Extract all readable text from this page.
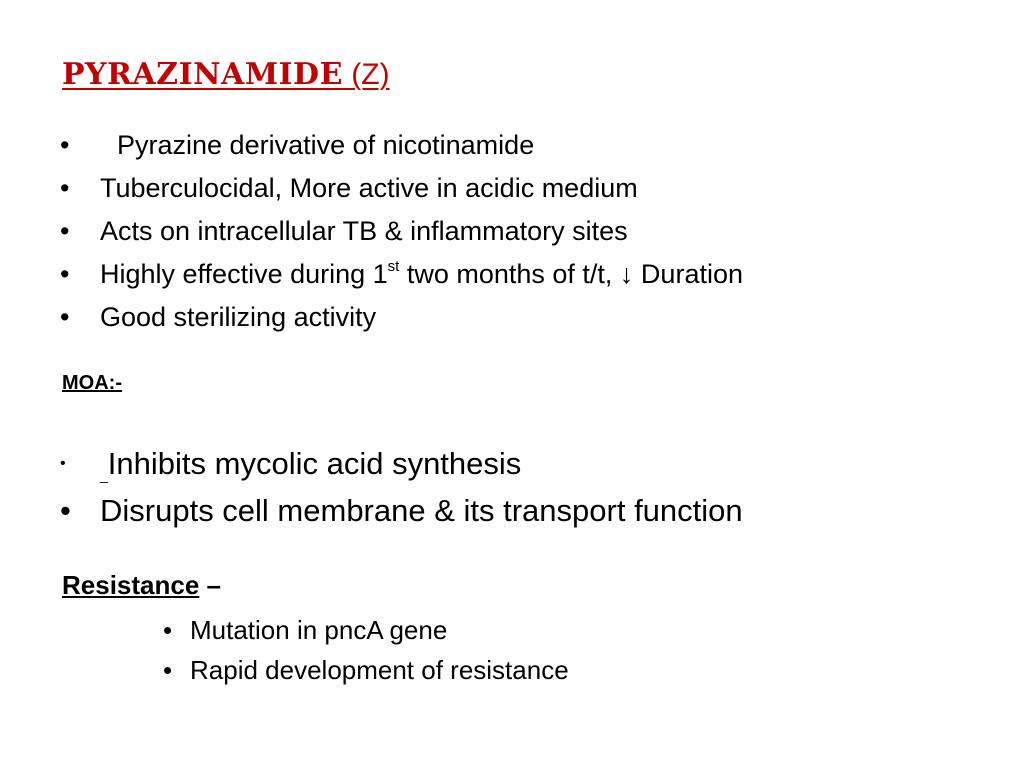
PYRAZINAMIDE (Z)
•	Pyrazine derivative of nicotinamide
•	Tuberculocidal, More active in acidic medium
•	Acts on intracellular TB & inflammatory sites
•	Highly effective during 1st two months of t/t, ↓ Duration
•	Good sterilizing activity
MOA:-
•
_Inhibits mycolic acid synthesis
• Disrupts cell membrane & its transport function
Resistance –
• Mutation in pncA gene
• Rapid development of resistance
